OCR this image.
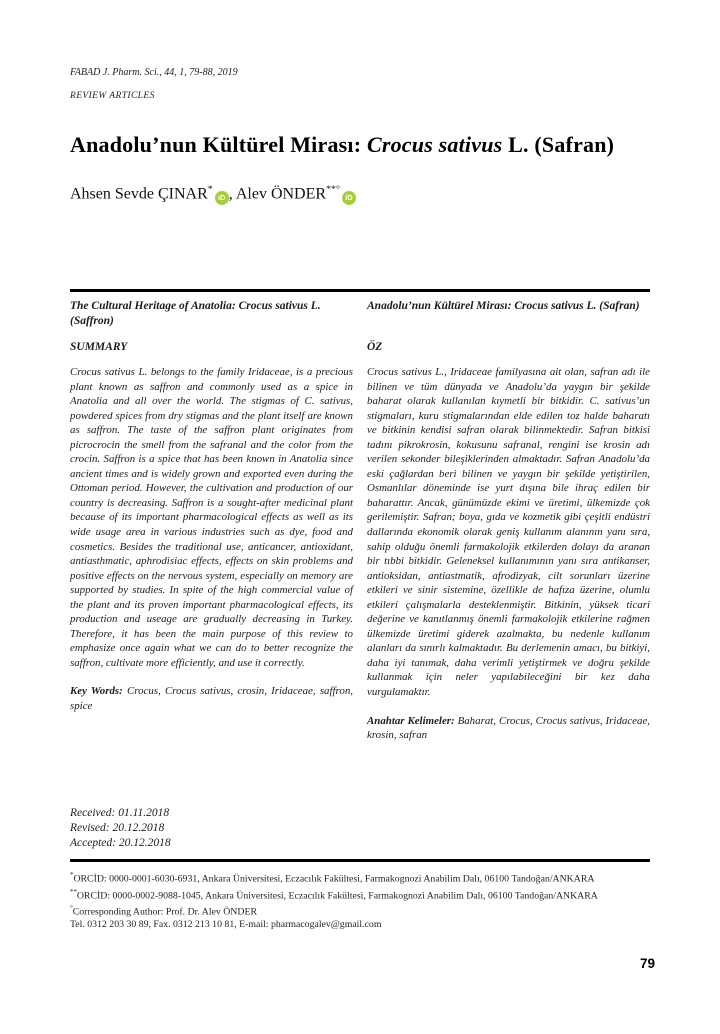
FABAD J. Pharm. Sci., 44, 1, 79-88, 2019
REVIEW ARTICLES
Anadolu’nun Kültürel Mirası: Crocus sativus L. (Safran)
Ahsen Sevde ÇINAR*iD , Alev ÖNDER**°iD
The Cultural Heritage of Anatolia: Crocus sativus L. (Saffron)
SUMMARY
Crocus sativus L. belongs to the family Iridaceae, is a precious plant known as saffron and commonly used as a spice in Anatolia and all over the world. The stigmas of C. sativus, powdered spices from dry stigmas and the plant itself are known as saffron. The taste of the saffron plant originates from picrocrocin the smell from the safranal and the color from the crocin. Saffron is a spice that has been known in Anatolia since ancient times and is widely grown and exported even during the Ottoman period. However, the cultivation and production of our country is decreasing. Saffron is a sought-after medicinal plant because of its important pharmacological effects as well as its wide usage area in various industries such as dye, food and cosmetics. Besides the traditional use, anticancer, antioxidant, antiasthmatic, aphrodisiac effects, effects on skin problems and positive effects on the nervous system, especially on memory are supported by studies. In spite of the high commercial value of the plant and its proven important pharmacological effects, its production and useage are gradually decreasing in Turkey. Therefore, it has been the main purpose of this review to emphasize once again what we can do to better recognize the saffron, cultivate more efficiently, and use it correctly.
Key Words: Crocus, Crocus sativus, crosin, Iridaceae, saffron, spice
Anadolu’nun Kültürel Mirası: Crocus sativus L. (Safran)
ÖZ
Crocus sativus L., Iridaceae familyasına ait olan, safran adı ile bilinen ve tüm dünyada ve Anadolu’da yaygın bir şekilde baharat olarak kullanılan kıymetli bir bitkidir. C. sativus’un stigmaları, kuru stigmalarından elde edilen toz halde baharatı ve bitkinin kendisi safran olarak bilinmektedir. Safran bitkisi tadını pikrokrosin, kokusunu safranal, rengini ise krosin adı verilen sekonder bileşiklerinden almaktadır. Safran Anadolu’da eski çağlardan beri bilinen ve yaygın bir şekilde yetiştirilen, Osmanlılar döneminde ise yurt dışına bile ihraç edilen bir baharattır. Ancak, günümüzde ekimi ve üretimi, ülkemizde çok gerilemiştir. Safran; boya, gıda ve kozmetik gibi çeşitli endüstri dallarında ekonomik olarak geniş kullanım alanının yanı sıra, sahip olduğu önemli farmakolojik etkilerden dolayı da aranan bir tıbbi bitkidir. Geleneksel kullanımının yanı sıra antikanser, antioksidan, antiastmatik, afrodizyak, cilt sorunları üzerine etkileri ve sinir sistemine, özellikle de hafıza üzerine, olumlu etkileri çalışmalarla desteklenmiştir. Bitkinin, yüksek ticari değerine ve kanıtlanmış önemli farmakolojik etkilerine rağmen ülkemizde üretimi giderek azalmakta, bu nedenle kullanım alanları da sınırlı kalmaktadır. Bu derlemenin amacı, bu bitkiyi, daha iyi tanımak, daha verimli yetiştirmek ve doğru şekilde kullanmak için neler yapılabileceğini bir kez daha vurgulamaktır.
Anahtar Kelimeler: Baharat, Crocus, Crocus sativus, Iridaceae, krosin, safran
Received: 01.11.2018
Revised: 20.12.2018
Accepted: 20.12.2018
*ORCİD: 0000-0001-6030-6931, Ankara Üniversitesi, Eczacılık Fakültesi, Farmakognozi Anabilim Dalı, 06100 Tandoğan/ANKARA
**ORCİD: 0000-0002-9088-1045, Ankara Üniversitesi, Eczacılık Fakültesi, Farmakognozi Anabilim Dalı, 06100 Tandoğan/ANKARA
°Corresponding Author: Prof. Dr. Alev ÖNDER
Tel. 0312 203 30 89, Fax. 0312 213 10 81, E-mail: pharmacogalev@gmail.com
79
